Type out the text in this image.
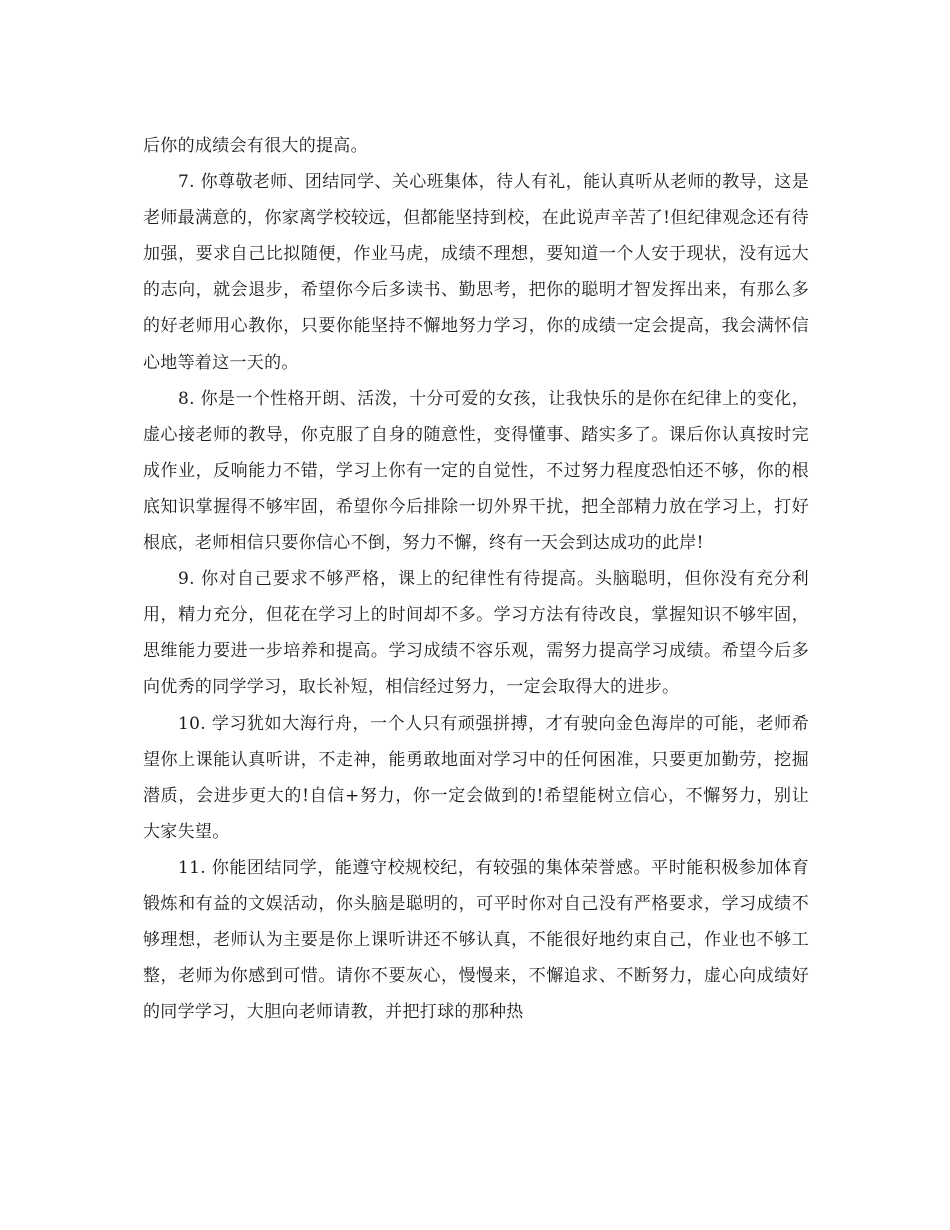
后你的成绩会有很大的提高。

7. 你尊敬老师、团结同学、关心班集体，待人有礼，能认真听从老师的教导，这是老师最满意的，你家离学校较远，但都能坚持到校，在此说声辛苦了!但纪律观念还有待加强，要求自己比拟随便，作业马虎，成绩不理想，要知道一个人安于现状，没有远大的志向，就会退步，希望你今后多读书、勤思考，把你的聪明才智发挥出来，有那么多的好老师用心教你，只要你能坚持不懈地努力学习，你的成绩一定会提高，我会满怀信心地等着这一天的。

8. 你是一个性格开朗、活泼，十分可爱的女孩，让我快乐的是你在纪律上的变化，虚心接老师的教导，你克服了自身的随意性，变得懂事、踏实多了。课后你认真按时完成作业，反响能力不错，学习上你有一定的自觉性，不过努力程度恐怕还不够，你的根底知识掌握得不够牢固，希望你今后排除一切外界干扰，把全部精力放在学习上，打好根底，老师相信只要你信心不倒，努力不懈，终有一天会到达成功的此岸!

9. 你对自己要求不够严格，课上的纪律性有待提高。头脑聪明，但你没有充分利用，精力充分，但花在学习上的时间却不多。学习方法有待改良，掌握知识不够牢固，思维能力要进一步培养和提高。学习成绩不容乐观，需努力提高学习成绩。希望今后多向优秀的同学学习，取长补短，相信经过努力，一定会取得大的进步。

10. 学习犹如大海行舟，一个人只有顽强拼搏，才有驶向金色海岸的可能，老师希望你上课能认真听讲，不走神，能勇敢地面对学习中的任何困准，只要更加勤劳，挖掘潜质，会进步更大的!自信+努力，你一定会做到的!希望能树立信心，不懈努力，别让大家失望。

11. 你能团结同学，能遵守校规校纪，有较强的集体荣誉感。平时能积极参加体育锻炼和有益的文娱活动，你头脑是聪明的，可平时你对自己没有严格要求，学习成绩不够理想，老师认为主要是你上课听讲还不够认真，不能很好地约束自己，作业也不够工整，老师为你感到可惜。请你不要灰心，慢慢来，不懈追求、不断努力，虚心向成绩好的同学学习，大胆向老师请教，并把打球的那种热
